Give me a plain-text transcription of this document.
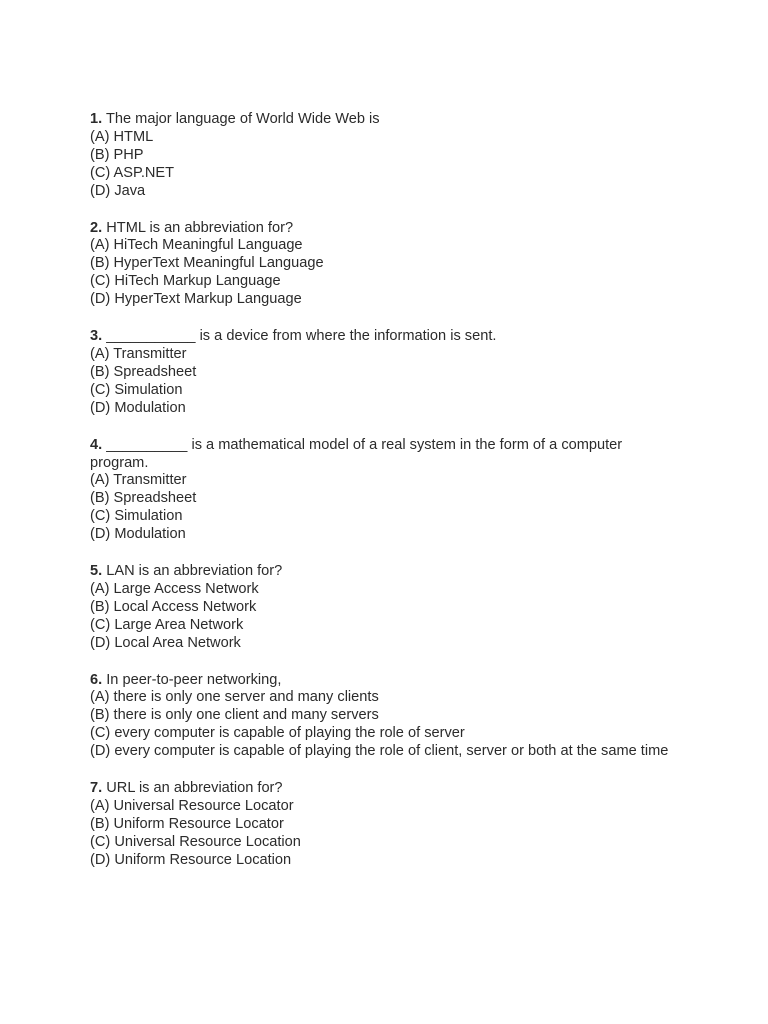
1. The major language of World Wide Web is

(A) HTML

(B) PHP

(C) ASP.NET

(D) Java

2. HTML is an abbreviation for?

(A) HiTech Meaningful Language

(B) HyperText Meaningful Language

(C) HiTech Markup Language

(D) HyperText Markup Language

3. ___________ is a device from where the information is sent.

(A) Transmitter

(B) Spreadsheet

(C) Simulation

(D) Modulation

4. __________ is a mathematical model of a real system in the form of a computer program.

(A) Transmitter

(B) Spreadsheet

(C) Simulation

(D) Modulation

5. LAN is an abbreviation for?

(A) Large Access Network

(B) Local Access Network

(C) Large Area Network

(D) Local Area Network

6. In peer-to-peer networking,

(A) there is only one server and many clients

(B) there is only one client and many servers

(C) every computer is capable of playing the role of server

(D) every computer is capable of playing the role of client, server or both at the same time

7. URL is an abbreviation for?

(A) Universal Resource Locator

(B) Uniform Resource Locator

(C) Universal Resource Location

(D) Uniform Resource Location
